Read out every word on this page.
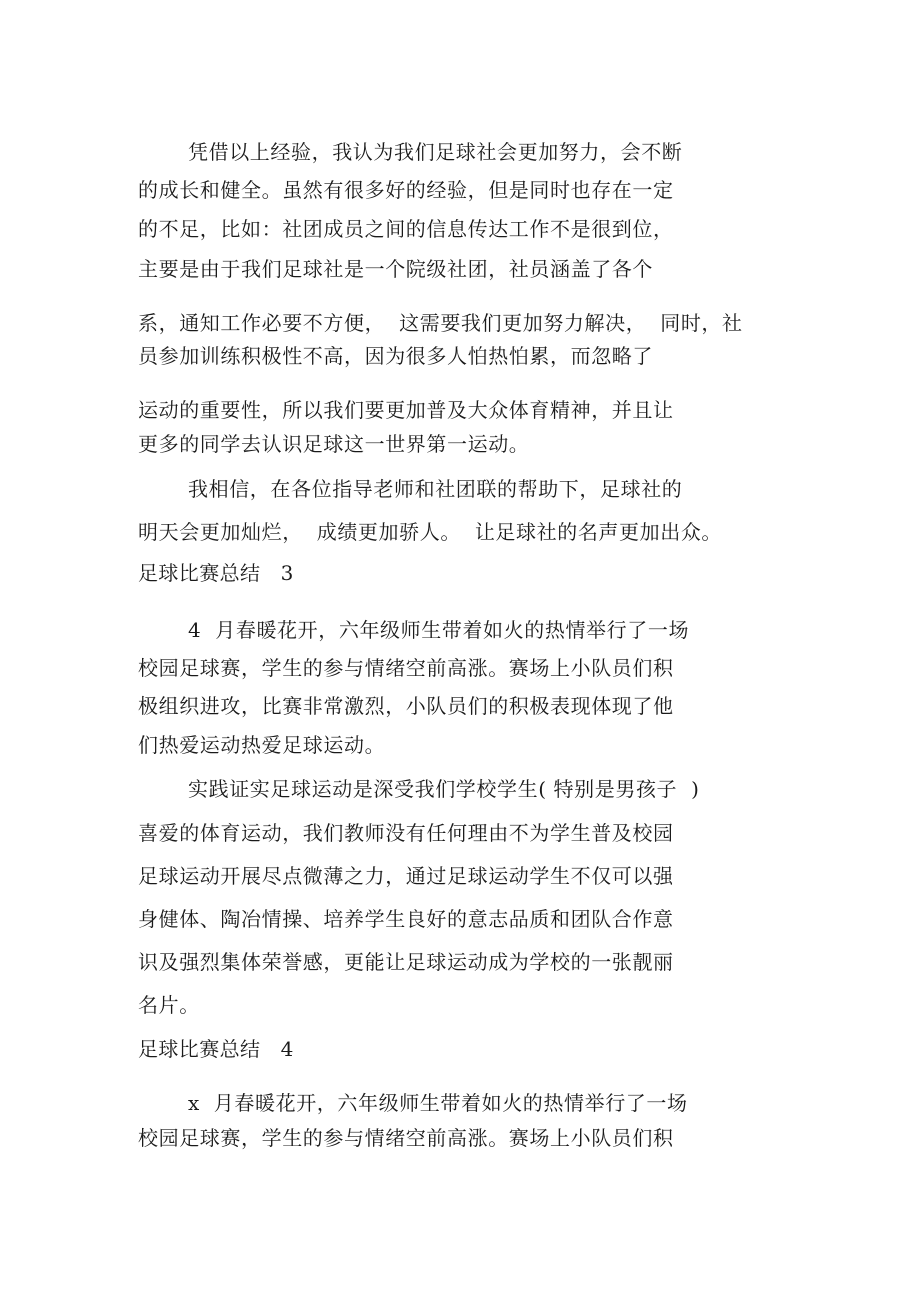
凭借以上经验，我认为我们足球社会更加努力，会不断
的成长和健全。虽然有很多好的经验，但是同时也存在一定
的不足，比如：社团成员之间的信息传达工作不是很到位，
主要是由于我们足球社是一个院级社团，社员涵盖了各个
系，通知工作必要不方便，  这需要我们更加努力解决，  同时，社
员参加训练积极性不高，因为很多人怕热怕累，而忽略了
运动的重要性，所以我们要更加普及大众体育精神，并且让
更多的同学去认识足球这一世界第一运动。
我相信，在各位指导老师和社团联的帮助下，足球社的
明天会更加灿烂，  成绩更加骄人。  让足球社的名声更加出众。
足球比赛总结   3
4  月春暖花开，六年级师生带着如火的热情举行了一场
校园足球赛，学生的参与情绪空前高涨。赛场上小队员们积
极组织进攻，比赛非常激烈，小队员们的积极表现体现了他
们热爱运动热爱足球运动。
实践证实足球运动是深受我们学校学生( 特别是男孩子  )
喜爱的体育运动，我们教师没有任何理由不为学生普及校园
足球运动开展尽点微薄之力，通过足球运动学生不仅可以强
身健体、陶冶情操、培养学生良好的意志品质和团队合作意
识及强烈集体荣誉感，更能让足球运动成为学校的一张靓丽
名片。
足球比赛总结   4
x  月春暖花开，六年级师生带着如火的热情举行了一场
校园足球赛，学生的参与情绪空前高涨。赛场上小队员们积
